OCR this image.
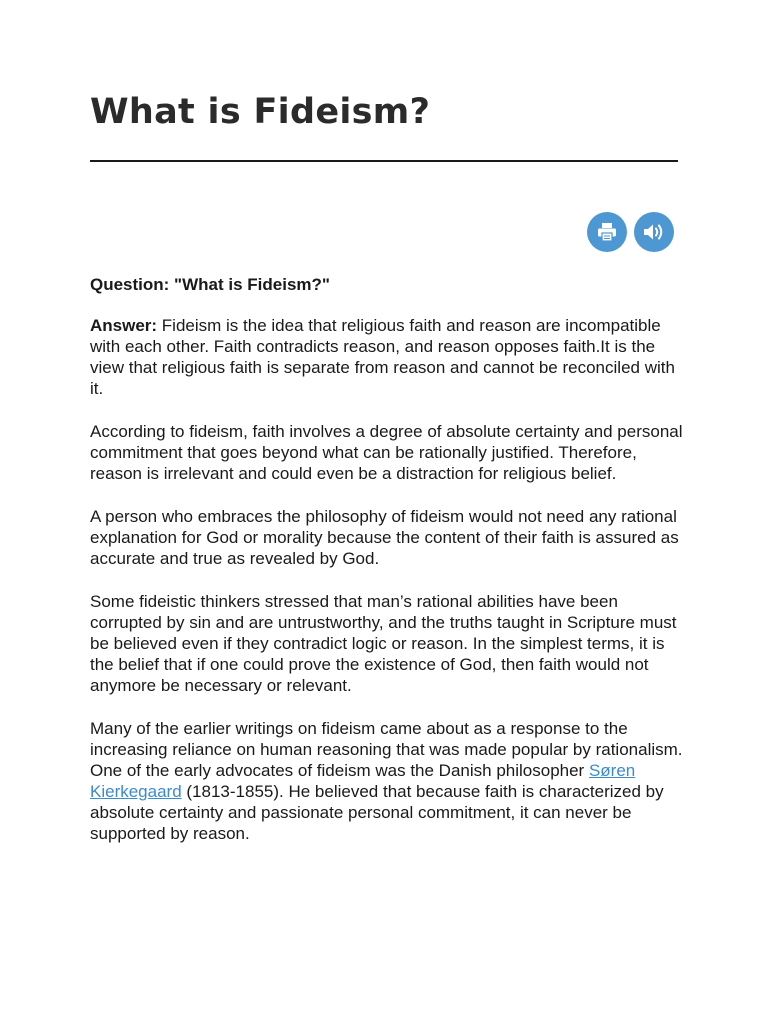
What is Fideism?

Question: "What is Fideism?"

Answer: Fideism is the idea that religious faith and reason are incompatible with each other. Faith contradicts reason, and reason opposes faith.It is the view that religious faith is separate from reason and cannot be reconciled with it.

According to fideism, faith involves a degree of absolute certainty and personal commitment that goes beyond what can be rationally justified. Therefore, reason is irrelevant and could even be a distraction for religious belief.

A person who embraces the philosophy of fideism would not need any rational explanation for God or morality because the content of their faith is assured as accurate and true as revealed by God.

Some fideistic thinkers stressed that man’s rational abilities have been corrupted by sin and are untrustworthy, and the truths taught in Scripture must be believed even if they contradict logic or reason. In the simplest terms, it is the belief that if one could prove the existence of God, then faith would not anymore be necessary or relevant.

Many of the earlier writings on fideism came about as a response to the increasing reliance on human reasoning that was made popular by rationalism. One of the early advocates of fideism was the Danish philosopher Søren Kierkegaard (1813-1855). He believed that because faith is characterized by absolute certainty and passionate personal commitment, it can never be supported by reason.
